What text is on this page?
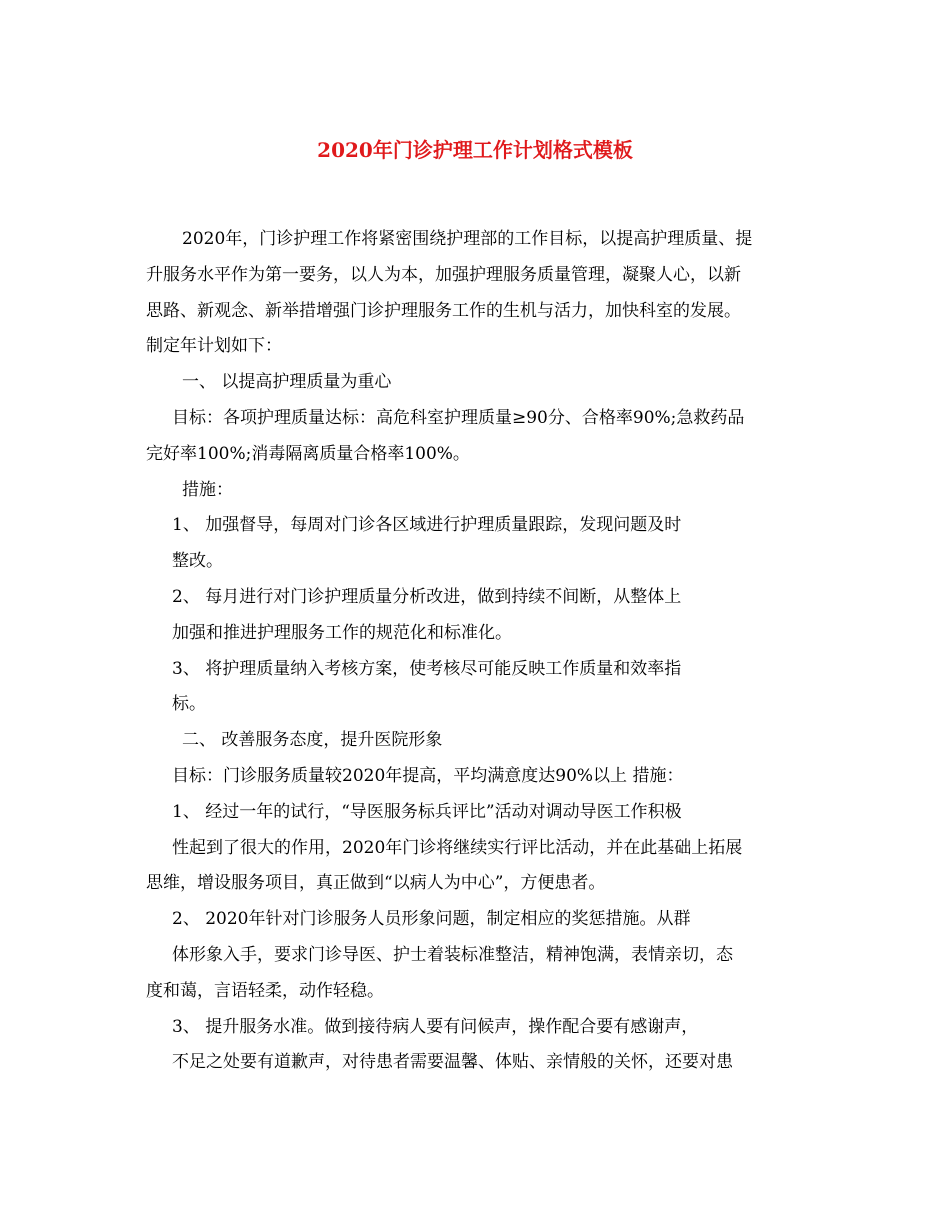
2020年门诊护理工作计划格式模板

2020年，门诊护理工作将紧密围绕护理部的工作目标，以提高护理质量、提

升服务水平作为第一要务，以人为本，加强护理服务质量管理，凝聚人心，以新

思路、新观念、新举措增强门诊护理服务工作的生机与活力，加快科室的发展。

制定年计划如下：

一、 以提高护理质量为重心

目标：各项护理质量达标：高危科室护理质量≥90分、合格率90%;急救药品

完好率100%;消毒隔离质量合格率100%。

措施：

1、 加强督导，每周对门诊各区域进行护理质量跟踪，发现问题及时

整改。

2、 每月进行对门诊护理质量分析改进，做到持续不间断，从整体上

加强和推进护理服务工作的规范化和标准化。

3、 将护理质量纳入考核方案，使考核尽可能反映工作质量和效率指

标。

二、 改善服务态度，提升医院形象

目标：门诊服务质量较2020年提高，平均满意度达90%以上 措施：

1、 经过一年的试行，“导医服务标兵评比”活动对调动导医工作积极

性起到了很大的作用，2020年门诊将继续实行评比活动，并在此基础上拓展

思维，增设服务项目，真正做到“以病人为中心”，方便患者。

2、 2020年针对门诊服务人员形象问题，制定相应的奖惩措施。从群

体形象入手，要求门诊导医、护士着装标准整洁，精神饱满，表情亲切，态

度和蔼，言语轻柔，动作轻稳。

3、 提升服务水准。做到接待病人要有问候声，操作配合要有感谢声，

不足之处要有道歉声，对待患者需要温馨、体贴、亲情般的关怀，还要对患
